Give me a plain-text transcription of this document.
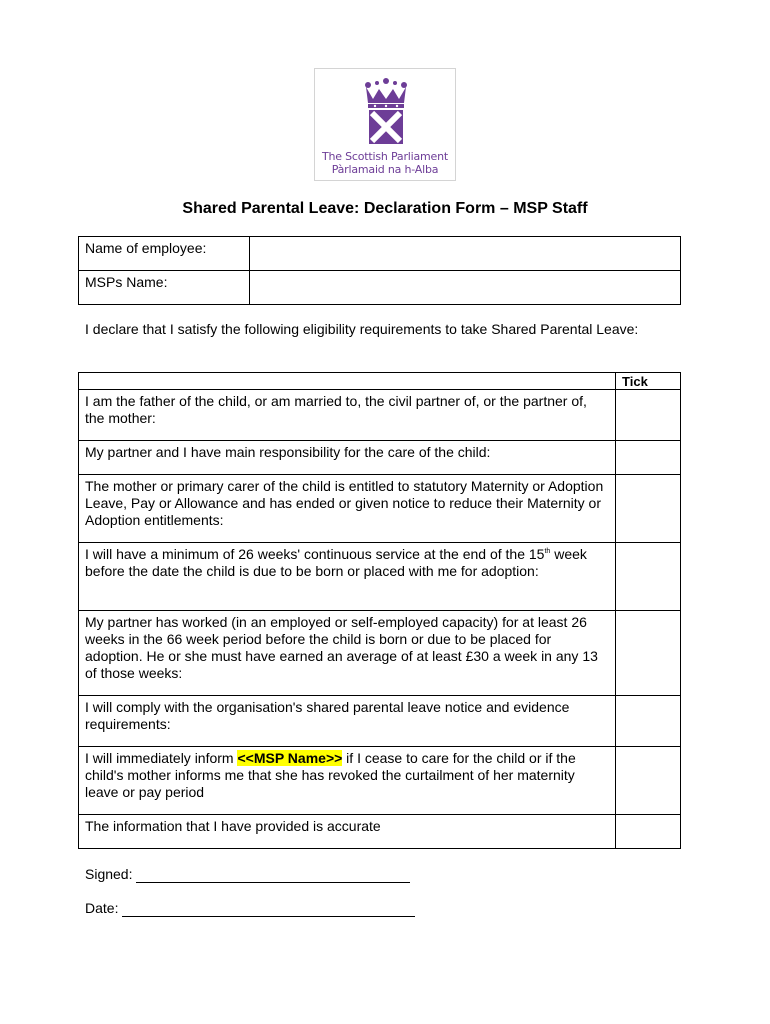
The Scottish Parliament
Pàrlamaid na h-Alba
Shared Parental Leave: Declaration Form – MSP Staff
Name of employee:	
MSPs Name:	
I declare that I satisfy the following eligibility requirements to take Shared Parental Leave:
	Tick
I am the father of the child, or am married to, the civil partner of, or the partner of, the mother:	
My partner and I have main responsibility for the care of the child:	
The mother or primary carer of the child is entitled to statutory Maternity or Adoption Leave, Pay or Allowance and has ended or given notice to reduce their Maternity or Adoption entitlements:	
I will have a minimum of 26 weeks' continuous service at the end of the 15th week before the date the child is due to be born or placed with me for adoption:	
My partner has worked (in an employed or self-employed capacity) for at least 26 weeks in the 66 week period before the child is born or due to be placed for adoption. He or she must have earned an average of at least £30 a week in any 13 of those weeks:	
I will comply with the organisation's shared parental leave notice and evidence requirements:	
I will immediately inform <<MSP Name>> if I cease to care for the child or if the child's mother informs me that she has revoked the curtailment of her maternity leave or pay period	
The information that I have provided is accurate	
Signed:
Date:
